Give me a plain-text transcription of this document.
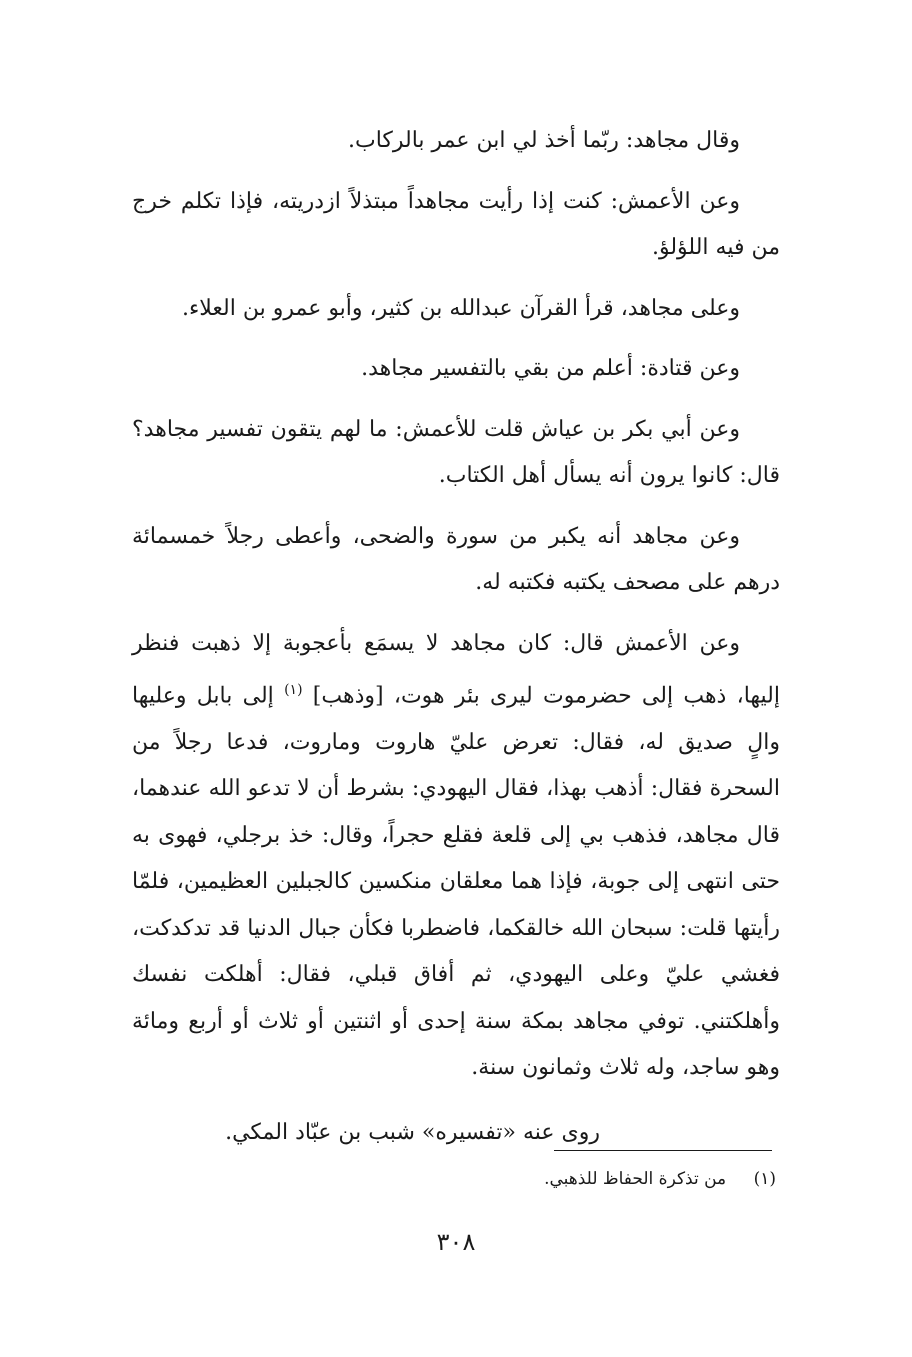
وقال مجاهد: ربّما أخذ لي ابن عمر بالركاب.

وعن الأعمش: كنت إذا رأيت مجاهداً مبتذلاً ازدريته، فإذا تكلم خرج من فيه اللؤلؤ.

وعلى مجاهد، قرأ القرآن عبدالله بن كثير، وأبو عمرو بن العلاء.

وعن قتادة: أعلم من بقي بالتفسير مجاهد.

وعن أبي بكر بن عياش قلت للأعمش: ما لهم يتقون تفسير مجاهد؟ قال: كانوا يرون أنه يسأل أهل الكتاب.

وعن مجاهد أنه يكبر من سورة والضحى، وأعطى رجلاً خمسمائة درهم على مصحف يكتبه فكتبه له.

وعن الأعمش قال: كان مجاهد لا يسمَع بأعجوبة إلا ذهبت فنظر إليها، ذهب إلى حضرموت ليرى بئر هوت، [وذهب] $^{(١)}$ إلى بابل وعليها والٍ صديق له، فقال: تعرض عليّ هاروت وماروت، فدعا رجلاً من السحرة فقال: أذهب بهذا، فقال اليهودي: بشرط أن لا تدعو الله عندهما، قال مجاهد، فذهب بي إلى قلعة فقلع حجراً، وقال: خذ برجلي، فهوى به حتى انتهى إلى جوبة، فإذا هما معلقان منكسين كالجبلين العظيمين، فلمّا رأيتها قلت: سبحان الله خالقكما، فاضطربا فكأن جبال الدنيا قد تدكدكت، فغشي عليّ وعلى اليهودي، ثم أفاق قبلي، فقال: أهلكت نفسك وأهلكتني. توفي مجاهد بمكة سنة إحدى أو اثنتين أو ثلاث أو أربع ومائة وهو ساجد، وله ثلاث وثمانون سنة.

روى عنه «تفسيره» شبب بن عبّاد المكي.

(١) من تذكرة الحفاظ للذهبي.
٣٠٨
